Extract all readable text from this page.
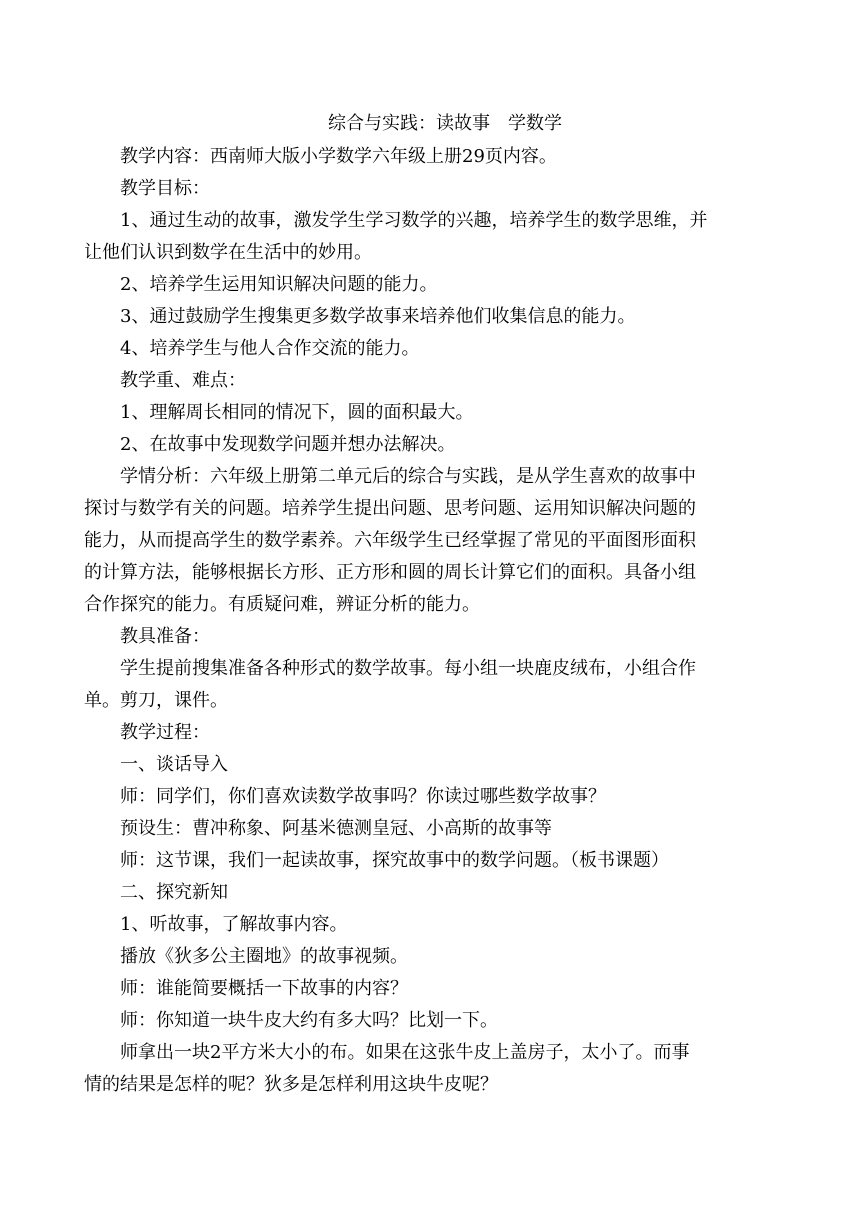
综合与实践：读故事　学数学
教学内容：西南师大版小学数学六年级上册29页内容。
教学目标：
1、通过生动的故事，激发学生学习数学的兴趣，培养学生的数学思维，并
让他们认识到数学在生活中的妙用。
2、培养学生运用知识解决问题的能力。
3、通过鼓励学生搜集更多数学故事来培养他们收集信息的能力。
4、培养学生与他人合作交流的能力。
教学重、难点：
1、理解周长相同的情况下，圆的面积最大。
2、在故事中发现数学问题并想办法解决。
学情分析：六年级上册第二单元后的综合与实践，是从学生喜欢的故事中
探讨与数学有关的问题。培养学生提出问题、思考问题、运用知识解决问题的
能力，从而提高学生的数学素养。六年级学生已经掌握了常见的平面图形面积
的计算方法，能够根据长方形、正方形和圆的周长计算它们的面积。具备小组
合作探究的能力。有质疑问难，辨证分析的能力。
教具准备：
学生提前搜集准备各种形式的数学故事。每小组一块鹿皮绒布，小组合作
单。剪刀，课件。
教学过程：
一、谈话导入
师：同学们，你们喜欢读数学故事吗？你读过哪些数学故事？
预设生：曹冲称象、阿基米德测皇冠、小高斯的故事等
师：这节课，我们一起读故事，探究故事中的数学问题。（板书课题）
二、探究新知
1、听故事，了解故事内容。
播放《狄多公主圈地》的故事视频。
师：谁能简要概括一下故事的内容？
师：你知道一块牛皮大约有多大吗？比划一下。
师拿出一块2平方米大小的布。如果在这张牛皮上盖房子，太小了。而事
情的结果是怎样的呢？狄多是怎样利用这块牛皮呢？
